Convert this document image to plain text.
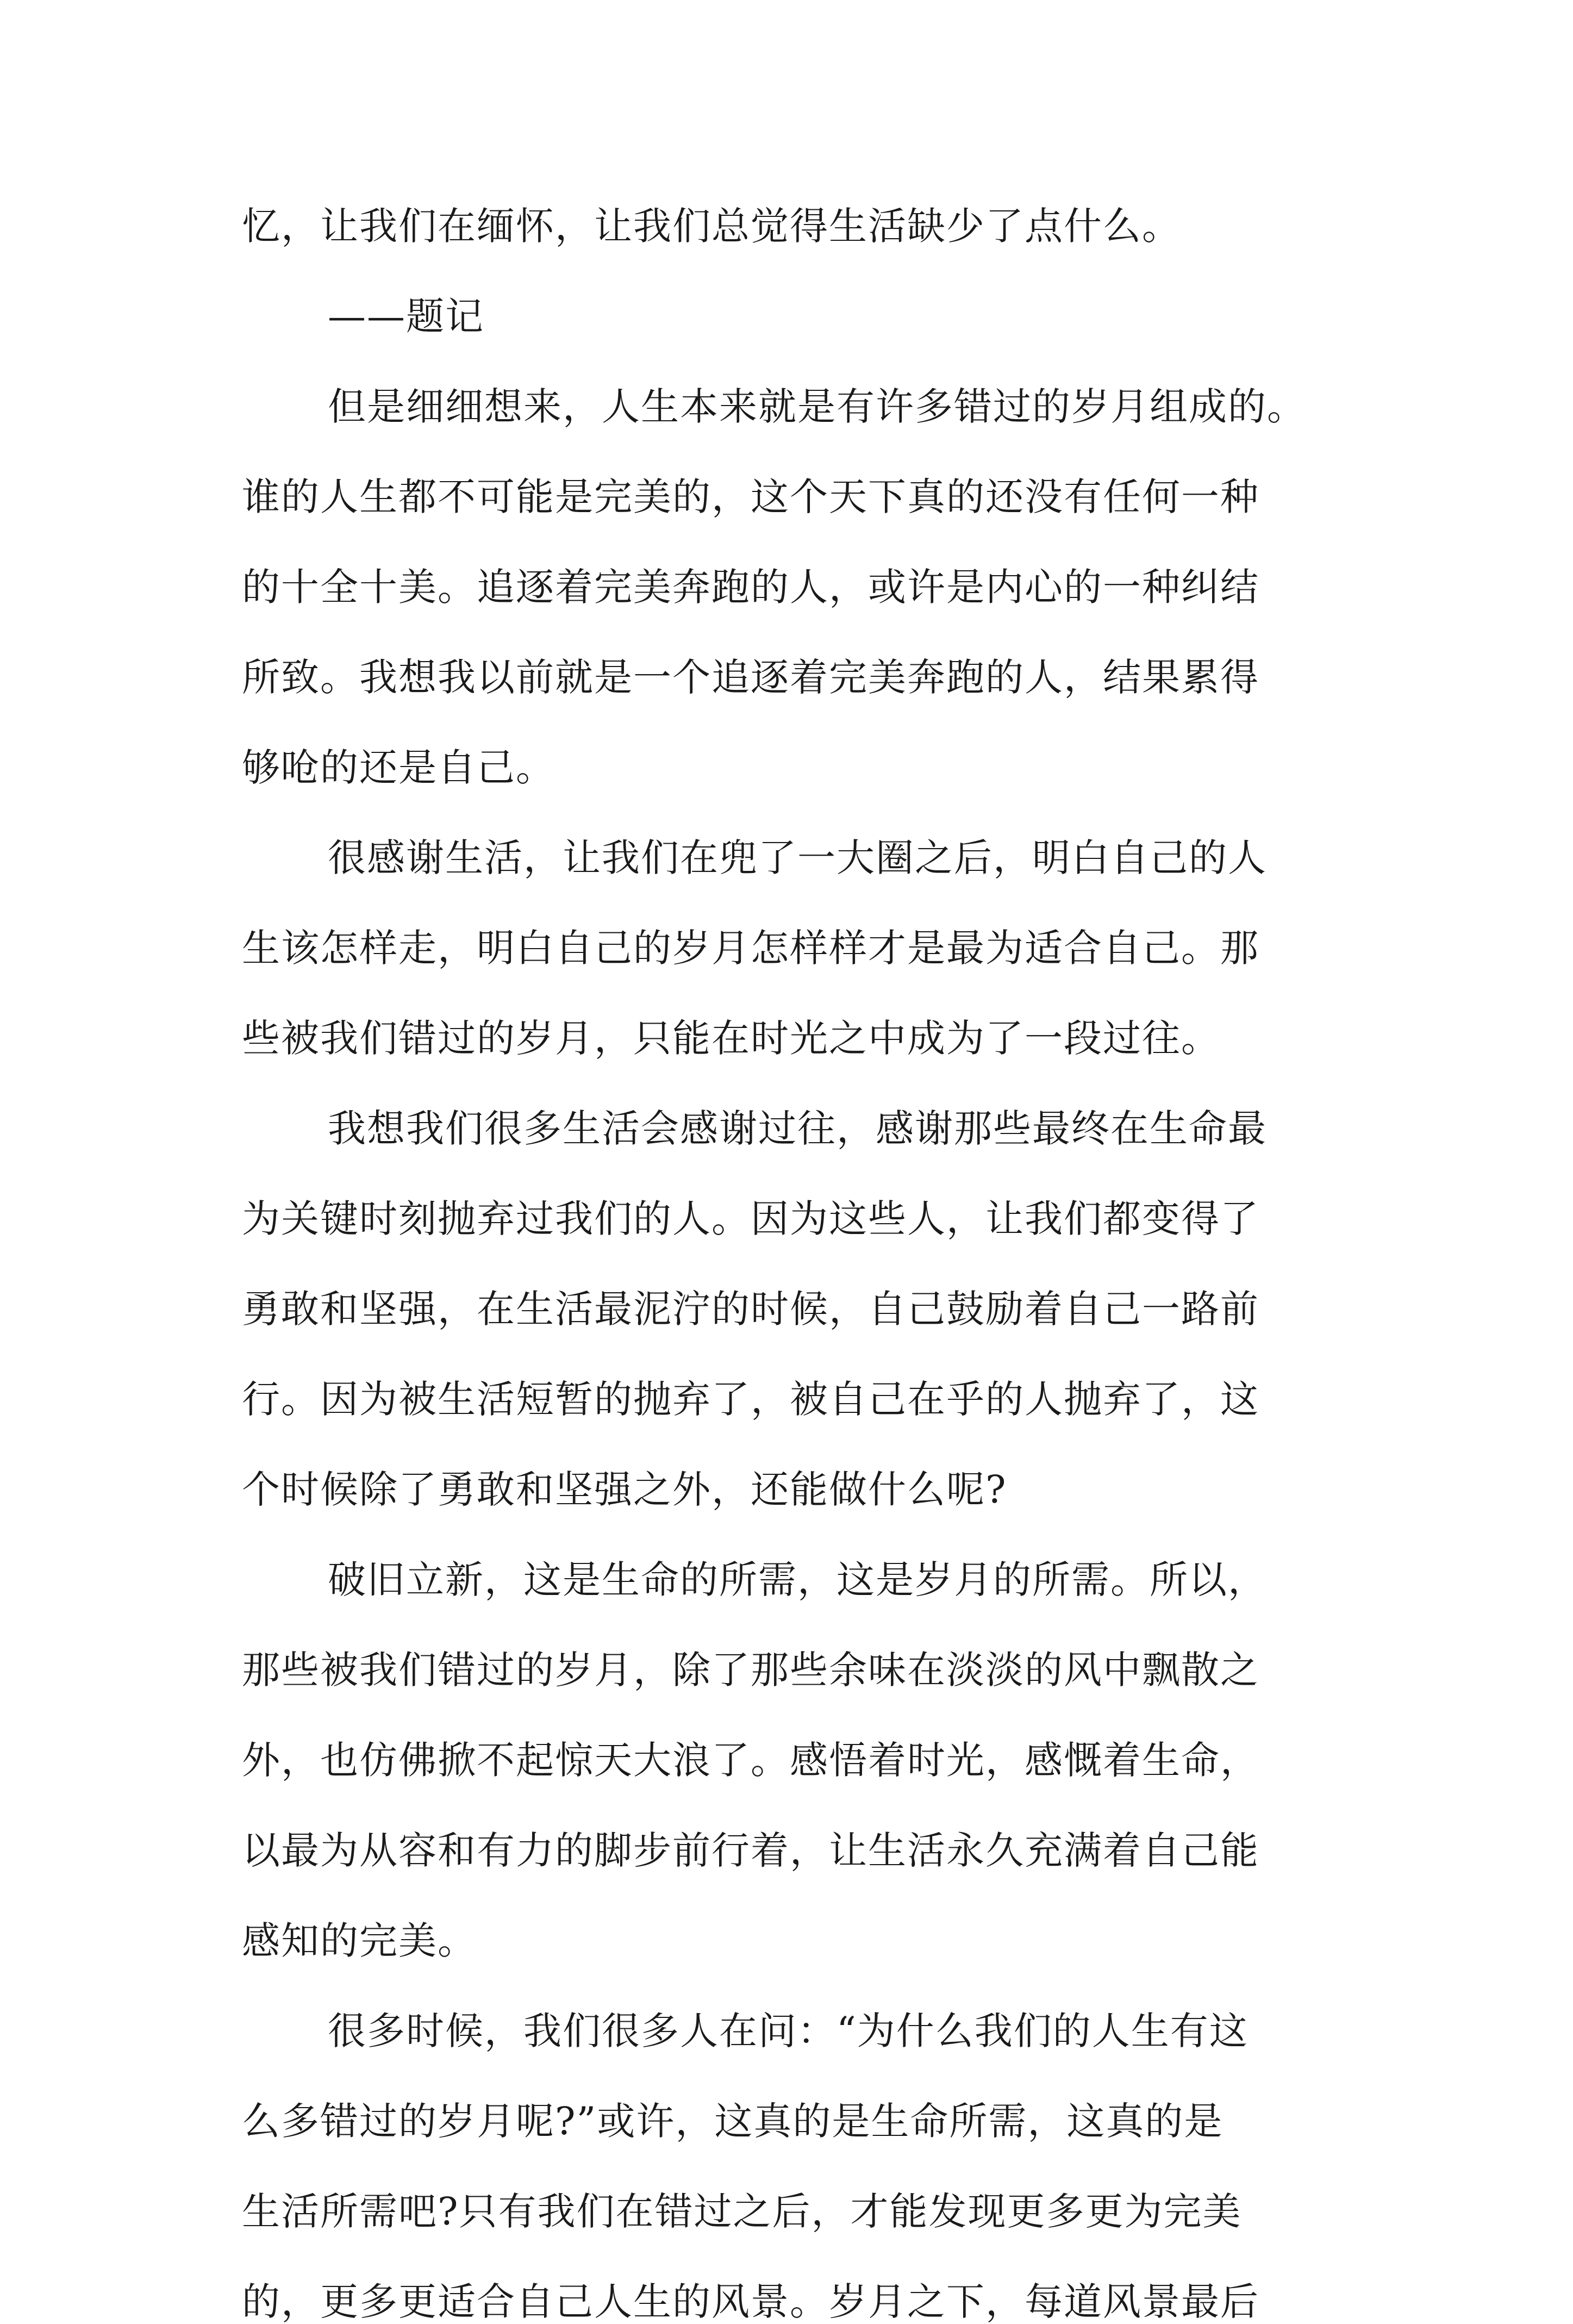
忆，让我们在缅怀，让我们总觉得生活缺少了点什么。

——题记

但是细细想来，人生本来就是有许多错过的岁月组成的。

谁的人生都不可能是完美的，这个天下真的还没有任何一种

的十全十美。追逐着完美奔跑的人，或许是内心的一种纠结

所致。我想我以前就是一个追逐着完美奔跑的人，结果累得

够呛的还是自己。

很感谢生活，让我们在兜了一大圈之后，明白自己的人

生该怎样走，明白自己的岁月怎样样才是最为适合自己。那

些被我们错过的岁月，只能在时光之中成为了一段过往。

我想我们很多生活会感谢过往，感谢那些最终在生命最

为关键时刻抛弃过我们的人。因为这些人，让我们都变得了

勇敢和坚强，在生活最泥泞的时候，自己鼓励着自己一路前

行。因为被生活短暂的抛弃了，被自己在乎的人抛弃了，这

个时候除了勇敢和坚强之外，还能做什么呢?

破旧立新，这是生命的所需，这是岁月的所需。所以，

那些被我们错过的岁月，除了那些余味在淡淡的风中飘散之

外，也仿佛掀不起惊天大浪了。感悟着时光，感慨着生命，

以最为从容和有力的脚步前行着，让生活永久充满着自己能

感知的完美。

很多时候，我们很多人在问：“为什么我们的人生有这

么多错过的岁月呢?”或许，这真的是生命所需，这真的是

生活所需吧?只有我们在错过之后，才能发现更多更为完美

的，更多更适合自己人生的风景。岁月之下，每道风景最后
